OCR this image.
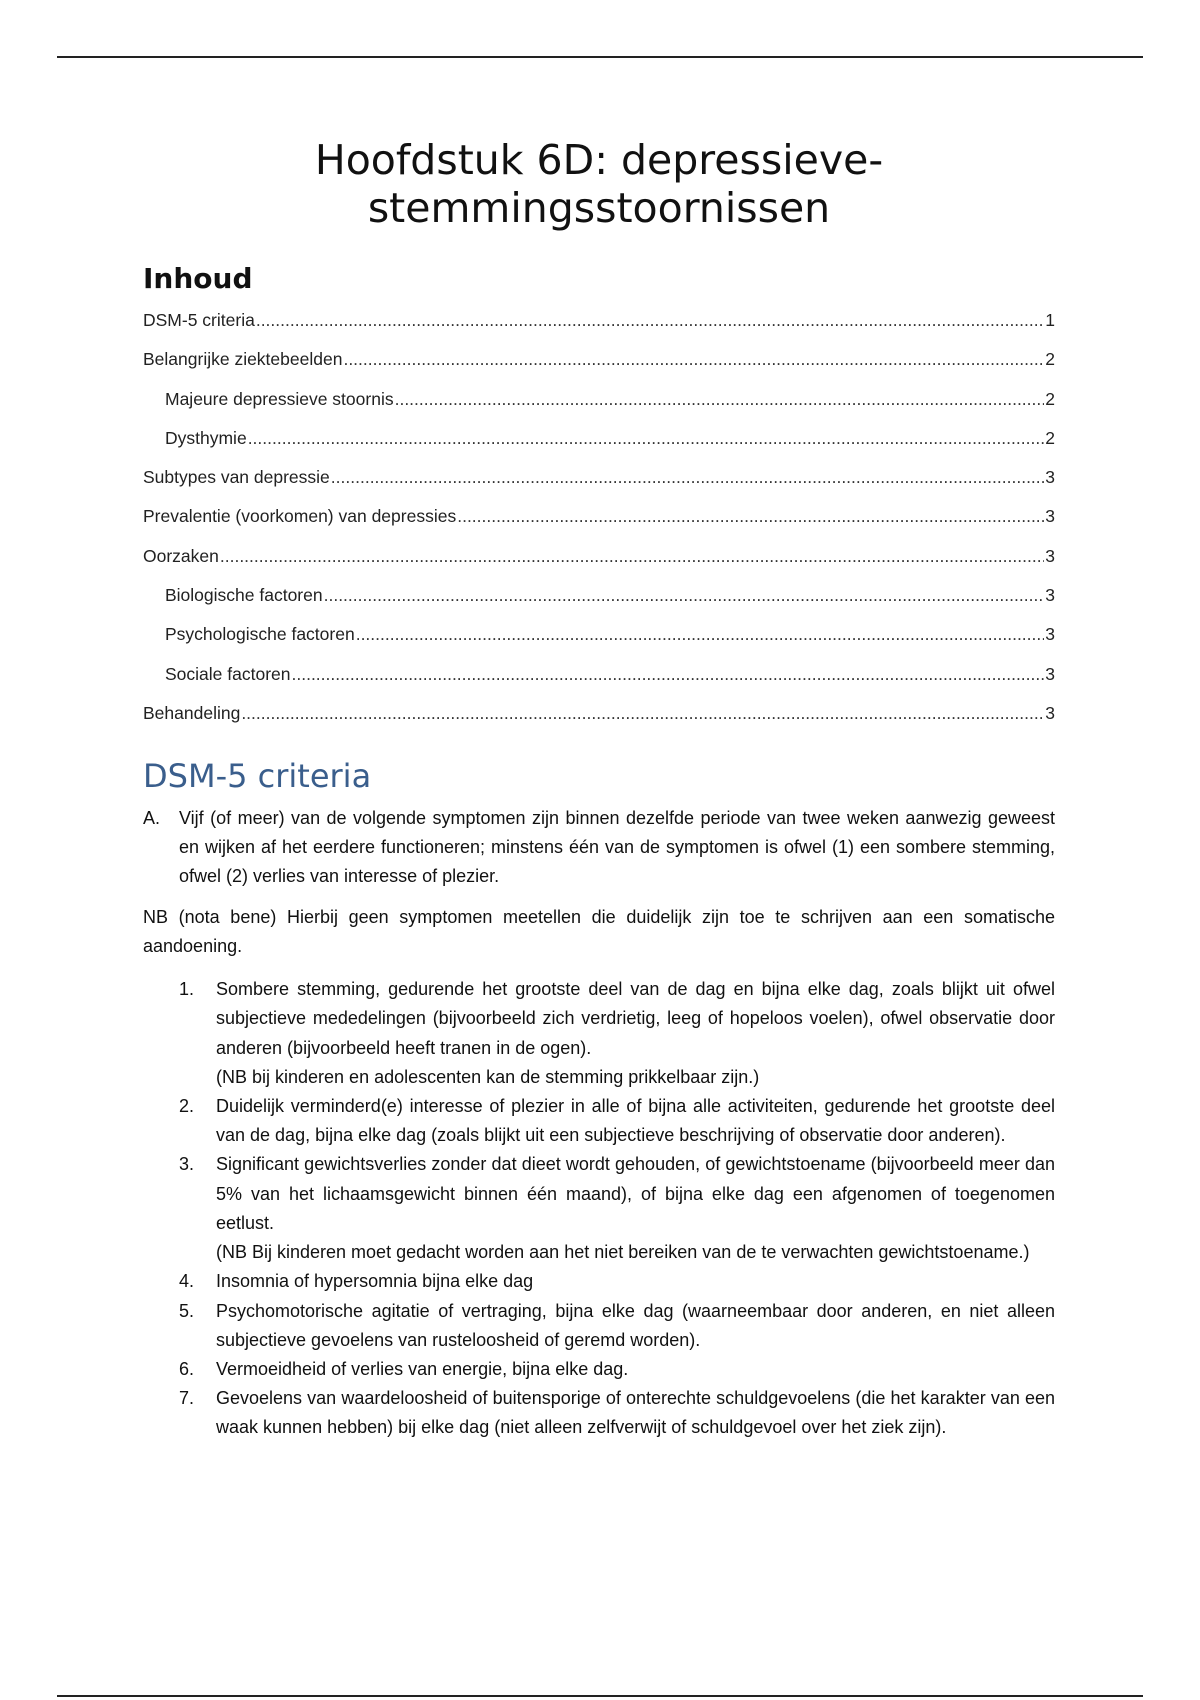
Hoofdstuk 6D: depressieve-stemmingsstoornissen
Inhoud
DSM-5 criteria .....	1
Belangrijke ziektebeelden .....	2
Majeure depressieve stoornis .....	2
Dysthymie .....	2
Subtypes van depressie .....	3
Prevalentie (voorkomen) van depressies .....	3
Oorzaken .....	3
Biologische factoren .....	3
Psychologische factoren .....	3
Sociale factoren .....	3
Behandeling .....	3
DSM-5 criteria
A.	Vijf (of meer) van de volgende symptomen zijn binnen dezelfde periode van twee weken aanwezig geweest en wijken af het eerdere functioneren; minstens één van de symptomen is ofwel (1) een sombere stemming, ofwel (2) verlies van interesse of plezier.

NB (nota bene) Hierbij geen symptomen meetellen die duidelijk zijn toe te schrijven aan een somatische aandoening.

1.	Sombere stemming, gedurende het grootste deel van de dag en bijna elke dag, zoals blijkt uit ofwel subjectieve mededelingen (bijvoorbeeld zich verdrietig, leeg of hopeloos voelen), ofwel observatie door anderen (bijvoorbeeld heeft tranen in de ogen).
(NB bij kinderen en adolescenten kan de stemming prikkelbaar zijn.)
2.	Duidelijk verminderd(e) interesse of plezier in alle of bijna alle activiteiten, gedurende het grootste deel van de dag, bijna elke dag (zoals blijkt uit een subjectieve beschrijving of observatie door anderen).
3.	Significant gewichtsverlies zonder dat dieet wordt gehouden, of gewichtstoename (bijvoorbeeld meer dan 5% van het lichaamsgewicht binnen één maand), of bijna elke dag een afgenomen of toegenomen eetlust.
(NB Bij kinderen moet gedacht worden aan het niet bereiken van de te verwachten gewichtstoename.)
4.	Insomnia of hypersomnia bijna elke dag
5.	Psychomotorische agitatie of vertraging, bijna elke dag (waarneembaar door anderen, en niet alleen subjectieve gevoelens van rusteloosheid of geremd worden).
6.	Vermoeidheid of verlies van energie, bijna elke dag.
7.	Gevoelens van waardeloosheid of buitensporige of onterechte schuldgevoelens (die het karakter van een waak kunnen hebben) bij elke dag (niet alleen zelfverwijt of schuldgevoel over het ziek zijn).
